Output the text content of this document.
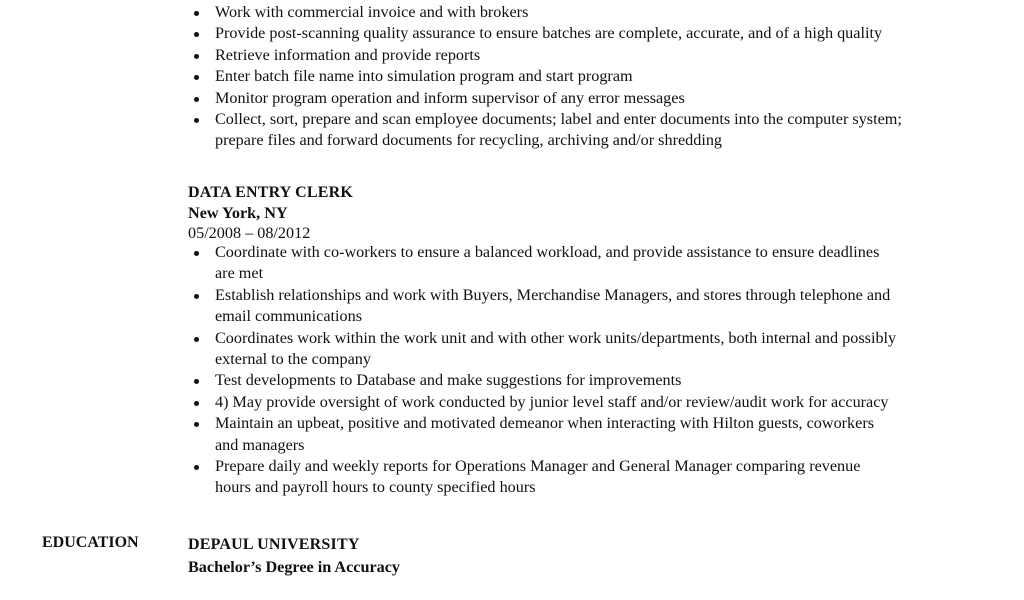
Work with commercial invoice and with brokers
Provide post-scanning quality assurance to ensure batches are complete, accurate, and of a high quality
Retrieve information and provide reports
Enter batch file name into simulation program and start program
Monitor program operation and inform supervisor of any error messages
Collect, sort, prepare and scan employee documents; label and enter documents into the computer system;
prepare files and forward documents for recycling, archiving and/or shredding
DATA ENTRY CLERK
New York, NY
05/2008 – 08/2012
Coordinate with co-workers to ensure a balanced workload, and provide assistance to ensure deadlines
are met
Establish relationships and work with Buyers, Merchandise Managers, and stores through telephone and
email communications
Coordinates work within the work unit and with other work units/departments, both internal and possibly
external to the company
Test developments to Database and make suggestions for improvements
4) May provide oversight of work conducted by junior level staff and/or review/audit work for accuracy
Maintain an upbeat, positive and motivated demeanor when interacting with Hilton guests, coworkers
and managers
Prepare daily and weekly reports for Operations Manager and General Manager comparing revenue
hours and payroll hours to county specified hours
EDUCATION	DEPAUL UNIVERSITY
Bachelor’s Degree in Accuracy
